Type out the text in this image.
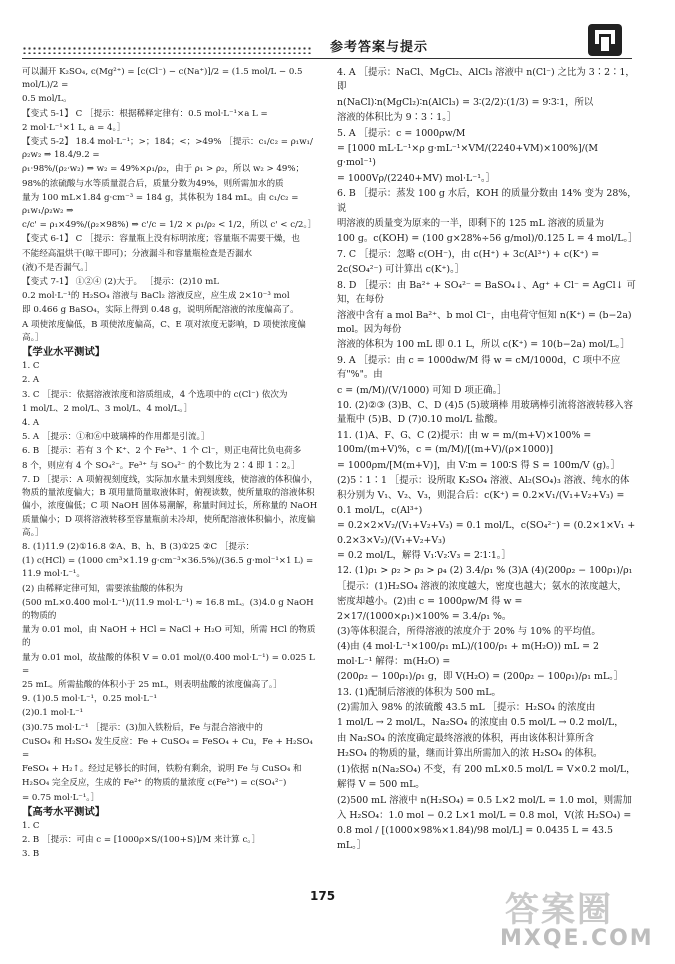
参考答案与提示

可以漏开 K₂SO₄, c(Mg²⁺) = [c(Cl⁻) − c(Na⁺)]/2 = (1.5 mol/L − 0.5 mol/L)/2 =

0.5 mol/L。

【变式 5-1】 C ［提示：根据稀释定律有：0.5 mol·L⁻¹×a L =

2 mol·L⁻¹×1 L, a = 4。］

【变式 5-2】 18.4 mol·L⁻¹；>；184；<；>49% ［提示：c₁/c₂ = ρ₁w₁/ρ₂w₂ ⇒ 18.4/9.2 =

ρ₁·98%/(ρ₂·w₂) ⇒ w₂ = 49%×ρ₁/ρ₂，由于 ρ₁ > ρ₂，所以 w₂ > 49%；

98%的浓硫酸与水等质量混合后，质量分数为49%，则所需加水的质

量为 100 mL×1.84 g·cm⁻³ = 184 g，其体积为 184 mL。由 c₁/c₂ = ρ₁w₁/ρ₂w₂ ⇒

c/c' = ρ₁×49%/(ρ₂×98%) ⇒ c'/c = 1/2 × ρ₁/ρ₂ < 1/2，所以 c' < c/2。］

【变式 6-1】 C ［提示：容量瓶上没有标明浓度；容量瓶不需要干燥，也

不能经高温烘干(晾干即可)；分液漏斗和容量瓶检查是否漏水

(液)不是否漏气。］

【变式 7-1】 ①②④ (2)大于。 ［提示：(2)10 mL

0.2 mol·L⁻¹的 H₂SO₄ 溶液与 BaCl₂ 溶液反应，应生成 2×10⁻³ mol

即 0.466 g BaSO₄，实际上得到 0.48 g，说明所配溶液的浓度偏高了。

A 项使浓度偏低，B 项使浓度偏高，C、E 项对浓度无影响，D 项使浓度偏高。］

【学业水平测试】

1. C

2. A

3. C ［提示：依据溶液浓度和溶质组成，4 个选项中的 c(Cl⁻) 依次为

1 mol/L、2 mol/L、3 mol/L、4 mol/L。］

4. A

5. A ［提示：①和⑥中玻璃棒的作用都是引流。］

6. B ［提示：若有 3 个 K⁺、2 个 Fe³⁺、1 个 Cl⁻，则正电荷比负电荷多

8 个，则应有 4 个 SO₄²⁻。Fe³⁺ 与 SO₄²⁻ 的个数比为 2∶4 即 1∶2。］

7. D ［提示：A 项俯视刻度线，实际加水量未到刻度线，使溶液的体积偏小，物质的量浓度偏大；B 项用量筒量取液体时，俯视读数，使所量取的溶液体积偏小，浓度偏低；C 项 NaOH 固体易潮解，称量时间过长，所称量的 NaOH 质量偏小；D 项将溶液转移至容量瓶前未冷却，使所配溶液体积偏小，浓度偏高。］

8. (1)11.9 (2)①16.8 ②A、B、h、B (3)①25 ②C ［提示：

(1) c(HCl) = (1000 cm³×1.19 g·cm⁻³×36.5%)/(36.5 g·mol⁻¹×1 L) = 11.9 mol·L⁻¹。

(2) 由稀释定律可知，需要浓盐酸的体积为

(500 mL×0.400 mol·L⁻¹)/(11.9 mol·L⁻¹) ≈ 16.8 mL。(3)4.0 g NaOH 的物质的

量为 0.01 mol，由 NaOH + HCl = NaCl + H₂O 可知，所需 HCl 的物质的

量为 0.01 mol，故盐酸的体积 V = 0.01 mol/(0.400 mol·L⁻¹) = 0.025 L =

25 mL。所需盐酸的体积小于 25 mL，则表明盐酸的浓度偏高了。］

9. (1)0.5 mol·L⁻¹，0.25 mol·L⁻¹

(2)0.1 mol·L⁻¹

(3)0.75 mol·L⁻¹ ［提示：(3)加入铁粉后，Fe 与混合溶液中的

CuSO₄ 和 H₂SO₄ 发生反应：Fe + CuSO₄ = FeSO₄ + Cu，Fe + H₂SO₄ =

FeSO₄ + H₂↑。经过足够长的时间，铁粉有剩余，说明 Fe 与 CuSO₄ 和

H₂SO₄ 完全反应，生成的 Fe²⁺ 的物质的量浓度 c(Fe²⁺) = c(SO₄²⁻)

= 0.75 mol·L⁻¹。］

【高考水平测试】

1. C

2. B ［提示：可由 c = [1000ρ×S/(100+S)]/M 来计算 c。］

3. B

4. A ［提示：NaCl、MgCl₂、AlCl₃ 溶液中 n(Cl⁻) 之比为 3∶2∶1，即

n(NaCl)∶n(MgCl₂)∶n(AlCl₃) = 3∶(2/2)∶(1/3) = 9∶3∶1，所以

溶液的体积比为 9∶3∶1。］

5. A ［提示：c = 1000ρw/M

= [1000 mL·L⁻¹×ρ g·mL⁻¹×VM/(2240+VM)×100%]/(M g·mol⁻¹)

= 1000Vρ/(2240+MV) mol·L⁻¹。］

6. B ［提示：蒸发 100 g 水后，KOH 的质量分数由 14% 变为 28%，说

明溶液的质量变为原来的一半，即剩下的 125 mL 溶液的质量为

100 g。c(KOH) = (100 g×28%÷56 g/mol)/0.125 L = 4 mol/L。］

7. C ［提示：忽略 c(OH⁻)，由 c(H⁺) + 3c(Al³⁺) + c(K⁺) =

2c(SO₄²⁻) 可计算出 c(K⁺)。］

8. D ［提示：由 Ba²⁺ + SO₄²⁻ = BaSO₄↓、Ag⁺ + Cl⁻ = AgCl↓ 可知，在每份

溶液中含有 a mol Ba²⁺、b mol Cl⁻，由电荷守恒知 n(K⁺) = (b−2a) mol。因为每份

溶液的体积为 100 mL 即 0.1 L，所以 c(K⁺) = 10(b−2a) mol/L。］

9. A ［提示：由 c = 1000dw/M 得 w = cM/1000d，C 项中不应有"%"。由

c = (m/M)/(V/1000) 可知 D 项正确。］

10. (2)②③ (3)B、C、D (4)5 (5)玻璃棒 用玻璃棒引流将溶液转移入容量瓶中 (5)B、D (7)0.10 mol/L 盐酸。

11. (1)A、F、G、C (2)提示：由 w = m/(m+V)×100% = 100m/(m+V)%，c = (m/M)/[(m+V)/(ρ×1000)]

= 1000ρm/[M(m+V)]，由 V∶m = 100∶S 得 S = 100m/V (g)。］

(2)5∶1∶1 ［提示：设所取 K₂SO₄ 溶液、Al₂(SO₄)₃ 溶液、纯水的体

积分别为 V₁、V₂、V₃，则混合后：c(K⁺) = 0.2×V₁/(V₁+V₂+V₃) = 0.1 mol/L，c(Al³⁺)

= 0.2×2×V₂/(V₁+V₂+V₃) = 0.1 mol/L，c(SO₄²⁻) = (0.2×1×V₁ + 0.2×3×V₂)/(V₁+V₂+V₃)

= 0.2 mol/L，解得 V₁∶V₂∶V₃ = 2∶1∶1。］

12. (1)ρ₁ > ρ₂ > ρ₃ > ρ₄ (2) 3.4/ρ₁ % (3)A (4)(200ρ₂ − 100ρ₁)/ρ₁

［提示：(1)H₂SO₄ 溶液的浓度越大，密度也越大；氨水的浓度越大，

密度却越小。(2)由 c = 1000ρw/M 得 w = 2×17/(1000×ρ₁)×100% = 3.4/ρ₁ %。

(3)等体积混合，所得溶液的浓度介于 20% 与 10% 的平均值。

(4)由 (4 mol·L⁻¹×100/ρ₁ mL)/(100/ρ₁ + m(H₂O)) mL = 2 mol·L⁻¹ 解得：m(H₂O) =

(200ρ₂ − 100ρ₁)/ρ₁ g，即 V(H₂O) = (200ρ₂ − 100ρ₁)/ρ₁ mL。］

13. (1)配制后溶液的体积为 500 mL。

(2)需加入 98% 的浓硫酸 43.5 mL ［提示：H₂SO₄ 的浓度由

1 mol/L → 2 mol/L，Na₂SO₄ 的浓度由 0.5 mol/L → 0.2 mol/L，

由 Na₂SO₄ 的浓度确定最终溶液的体积，再由该体积计算所含

H₂SO₄ 的物质的量，继而计算出所需加入的浓 H₂SO₄ 的体积。

(1)依据 n(Na₂SO₄) 不变，有 200 mL×0.5 mol/L = V×0.2 mol/L，

解得 V = 500 mL。

(2)500 mL 溶液中 n(H₂SO₄) = 0.5 L×2 mol/L = 1.0 mol，则需加

入 H₂SO₄：1.0 mol − 0.2 L×1 mol/L = 0.8 mol，V(浓 H₂SO₄) =

0.8 mol / [(1000×98%×1.84)/98 mol/L] = 0.0435 L = 43.5 mL。］

175	答案圈
MXQE.COM
